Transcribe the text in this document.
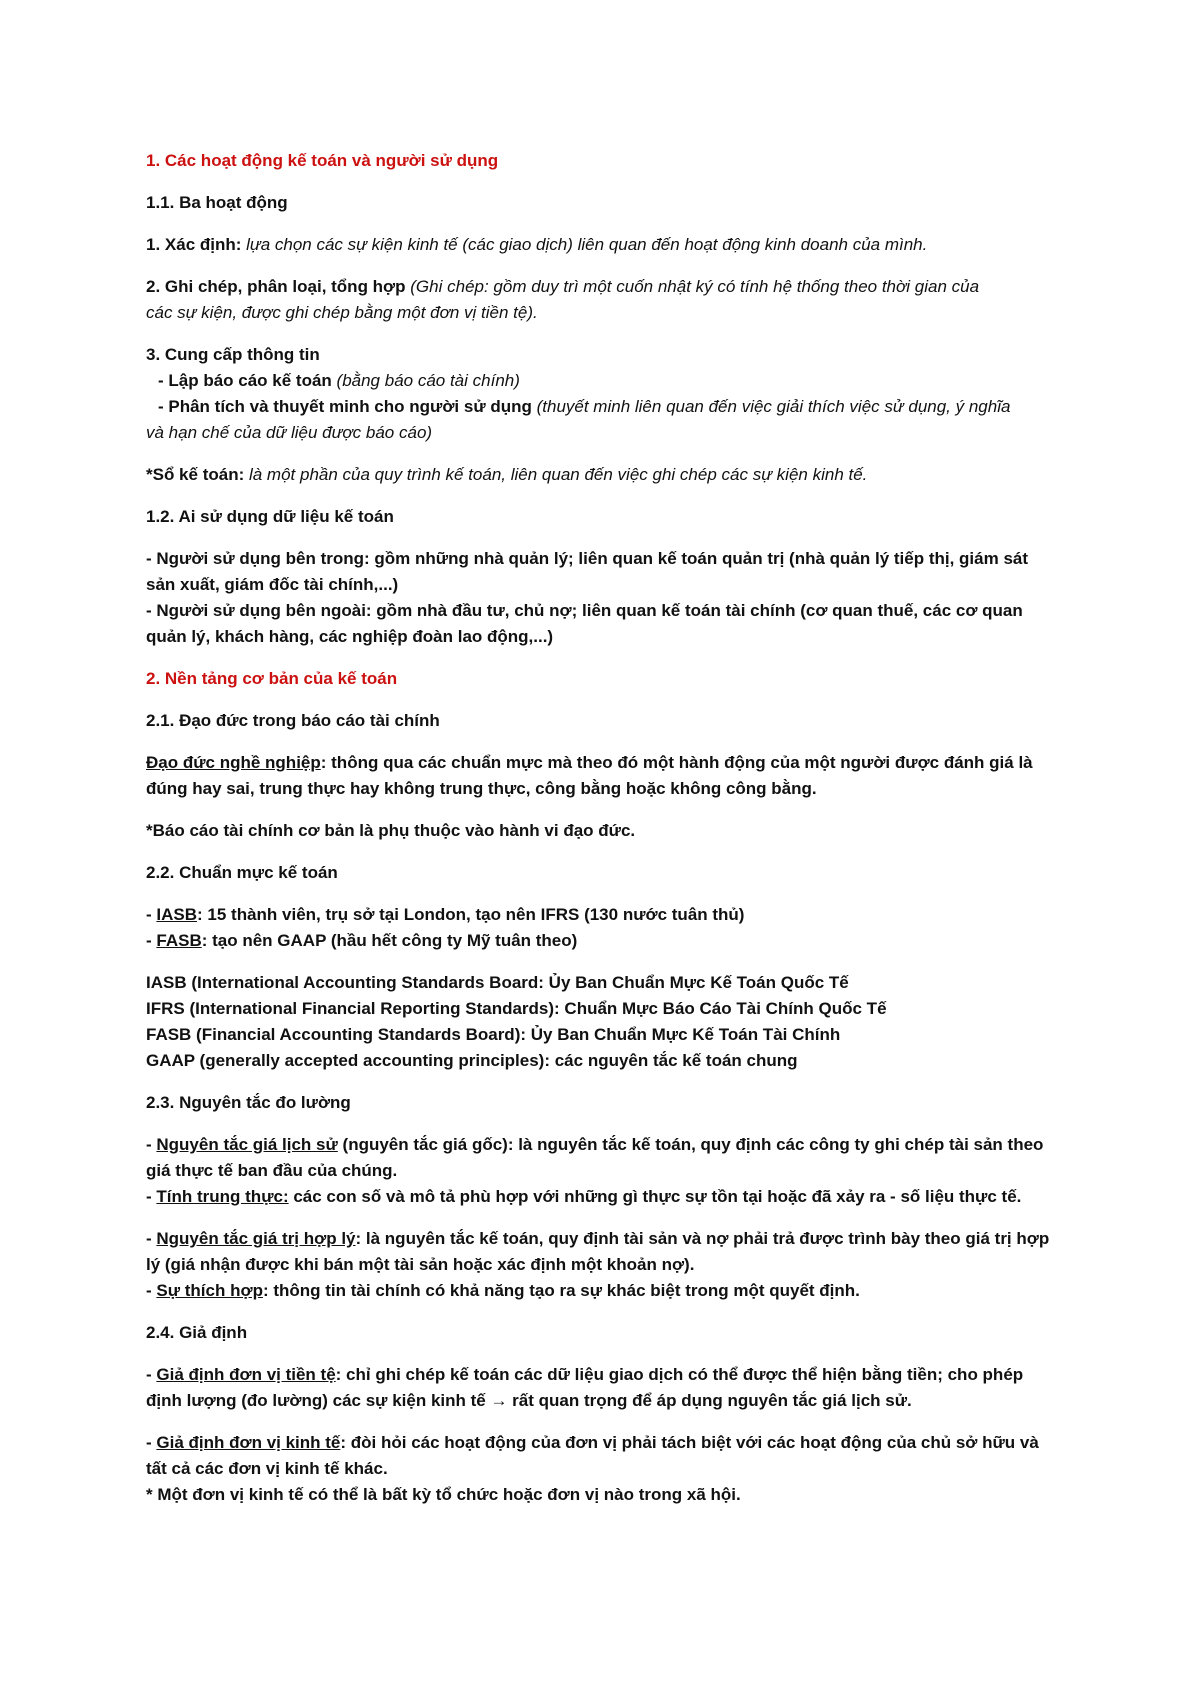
1. Các hoạt động kế toán và người sử dụng

1.1. Ba hoạt động

1. Xác định: lựa chọn các sự kiện kinh tế (các giao dịch) liên quan đến hoạt động kinh doanh của mình.

2. Ghi chép, phân loại, tổng hợp (Ghi chép: gồm duy trì một cuốn nhật ký có tính hệ thống theo thời gian của

các sự kiện, được ghi chép bằng một đơn vị tiền tệ).

3. Cung cấp thông tin

- Lập báo cáo kế toán (bằng báo cáo tài chính)

- Phân tích và thuyết minh cho người sử dụng (thuyết minh liên quan đến việc giải thích việc sử dụng, ý nghĩa

và hạn chế của dữ liệu được báo cáo)

*Sổ kế toán: là một phần của quy trình kế toán, liên quan đến việc ghi chép các sự kiện kinh tế.

1.2. Ai sử dụng dữ liệu kế toán

- Người sử dụng bên trong: gồm những nhà quản lý; liên quan kế toán quản trị (nhà quản lý tiếp thị, giám sát

sản xuất, giám đốc tài chính,...)

- Người sử dụng bên ngoài: gồm nhà đầu tư, chủ nợ; liên quan kế toán tài chính (cơ quan thuế, các cơ quan

quản lý, khách hàng, các nghiệp đoàn lao động,...)

2. Nền tảng cơ bản của kế toán

2.1. Đạo đức trong báo cáo tài chính

Đạo đức nghề nghiệp: thông qua các chuẩn mực mà theo đó một hành động của một người được đánh giá là

đúng hay sai, trung thực hay không trung thực, công bằng hoặc không công bằng.

*Báo cáo tài chính cơ bản là phụ thuộc vào hành vi đạo đức.

2.2. Chuẩn mực kế toán

- IASB: 15 thành viên, trụ sở tại London, tạo nên IFRS (130 nước tuân thủ)

- FASB: tạo nên GAAP (hầu hết công ty Mỹ tuân theo)

IASB (International Accounting Standards Board: Ủy Ban Chuẩn Mực Kế Toán Quốc Tế

IFRS (International Financial Reporting Standards): Chuẩn Mực Báo Cáo Tài Chính Quốc Tế

FASB (Financial Accounting Standards Board): Ủy Ban Chuẩn Mực Kế Toán Tài Chính

GAAP (generally accepted accounting principles): các nguyên tắc kế toán chung

2.3. Nguyên tắc đo lường

- Nguyên tắc giá lịch sử (nguyên tắc giá gốc): là nguyên tắc kế toán, quy định các công ty ghi chép tài sản theo

giá thực tế ban đầu của chúng.

- Tính trung thực: các con số và mô tả phù hợp với những gì thực sự tồn tại hoặc đã xảy ra - số liệu thực tế.

- Nguyên tắc giá trị hợp lý: là nguyên tắc kế toán, quy định tài sản và nợ phải trả được trình bày theo giá trị hợp

lý (giá nhận được khi bán một tài sản hoặc xác định một khoản nợ).

- Sự thích hợp: thông tin tài chính có khả năng tạo ra sự khác biệt trong một quyết định.

2.4. Giả định

- Giả định đơn vị tiền tệ: chỉ ghi chép kế toán các dữ liệu giao dịch có thể được thể hiện bằng tiền; cho phép

định lượng (đo lường) các sự kiện kinh tế → rất quan trọng để áp dụng nguyên tắc giá lịch sử.

- Giả định đơn vị kinh tế: đòi hỏi các hoạt động của đơn vị phải tách biệt với các hoạt động của chủ sở hữu và

tất cả các đơn vị kinh tế khác.

* Một đơn vị kinh tế có thể là bất kỳ tổ chức hoặc đơn vị nào trong xã hội.
